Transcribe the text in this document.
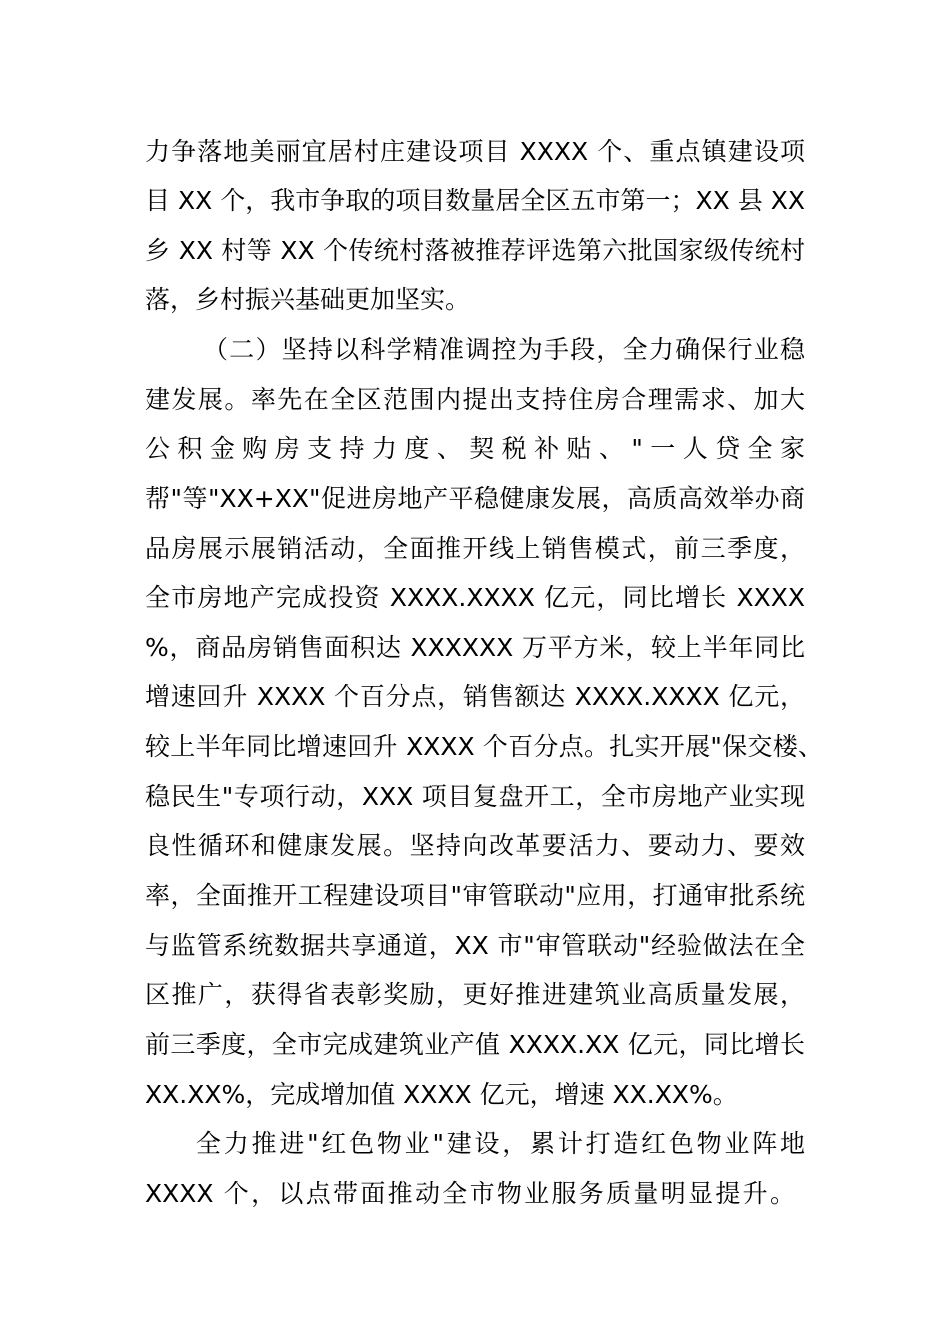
力争落地美丽宜居村庄建设项目 XXXX 个、重点镇建设项
目 XX 个，我市争取的项目数量居全区五市第一；XX 县 XX
乡 XX 村等 XX 个传统村落被推荐评选第六批国家级传统村
落，乡村振兴基础更加坚实。
（二）坚持以科学精准调控为手段，全力确保行业稳
建发展。率先在全区范围内提出支持住房合理需求、加大
公积金购房支持力度、契税补贴、"一人贷全家
帮"等"XX+XX"促进房地产平稳健康发展，高质高效举办商
品房展示展销活动，全面推开线上销售模式，前三季度，
全市房地产完成投资 XXXX.XXXX 亿元，同比增长 XXXX
%，商品房销售面积达 XXXXXX 万平方米，较上半年同比
增速回升 XXXX 个百分点，销售额达 XXXX.XXXX 亿元，
较上半年同比增速回升 XXXX 个百分点。扎实开展"保交楼、
稳民生"专项行动，XXX 项目复盘开工，全市房地产业实现
良性循环和健康发展。坚持向改革要活力、要动力、要效
率，全面推开工程建设项目"审管联动"应用，打通审批系统
与监管系统数据共享通道，XX 市"审管联动"经验做法在全
区推广，获得省表彰奖励，更好推进建筑业高质量发展，
前三季度，全市完成建筑业产值 XXXX.XX 亿元，同比增长
XX.XX%，完成增加值 XXXX 亿元，增速 XX.XX%。
全力推进"红色物业"建设，累计打造红色物业阵地
XXXX 个，以点带面推动全市物业服务质量明显提升。
